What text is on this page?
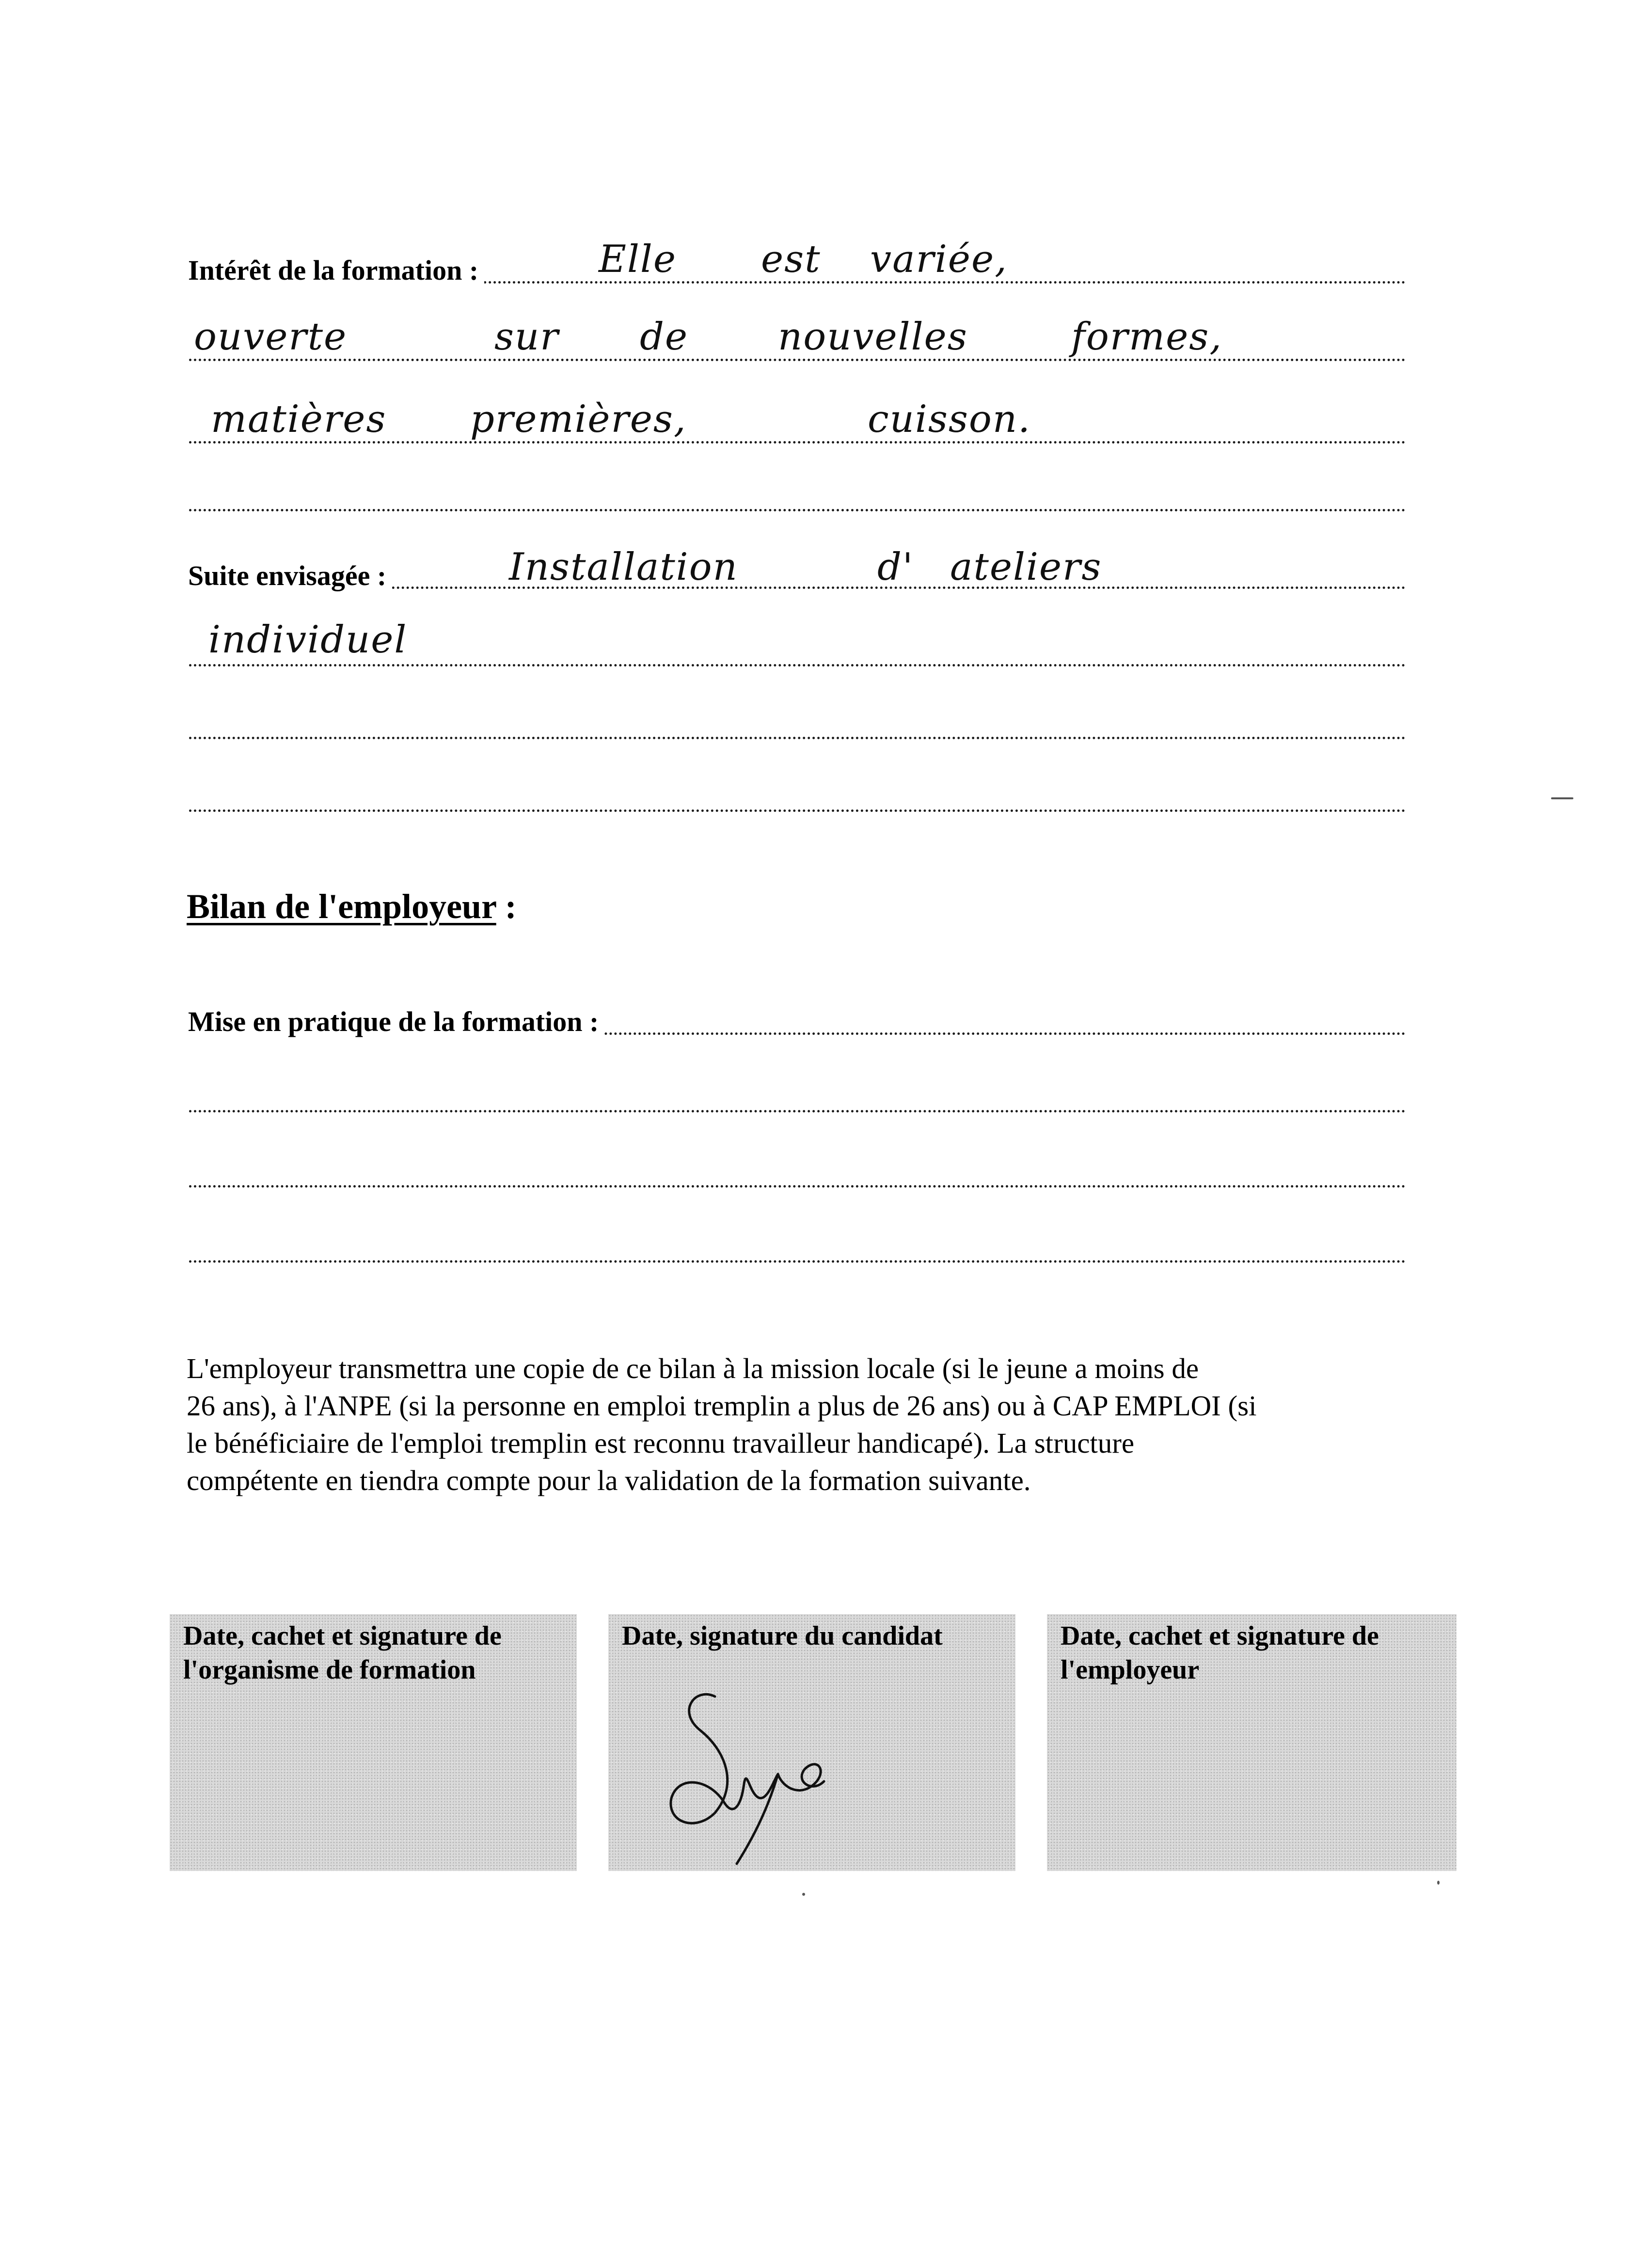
Intérêt de la formation :	Elle est variée,
ouverte	sur de nouvelles	formes,
matières premières,	cuisson.
Suite envisagée :	Installation	d' ateliers
individuel
Bilan de l'employeur :
Mise en pratique de la formation :

L'employeur transmettra une copie de ce bilan à la mission locale (si le jeune a moins de
26 ans), à l'ANPE (si la personne en emploi tremplin a plus de 26 ans) ou à CAP EMPLOI (si
le bénéficiaire de l'emploi tremplin est reconnu travailleur handicapé). La structure
compétente en tiendra compte pour la validation de la formation suivante.

Date, cachet et signature de
l'organisme de formation
Date, signature du candidat	Date, cachet et signature de
l'employeur
